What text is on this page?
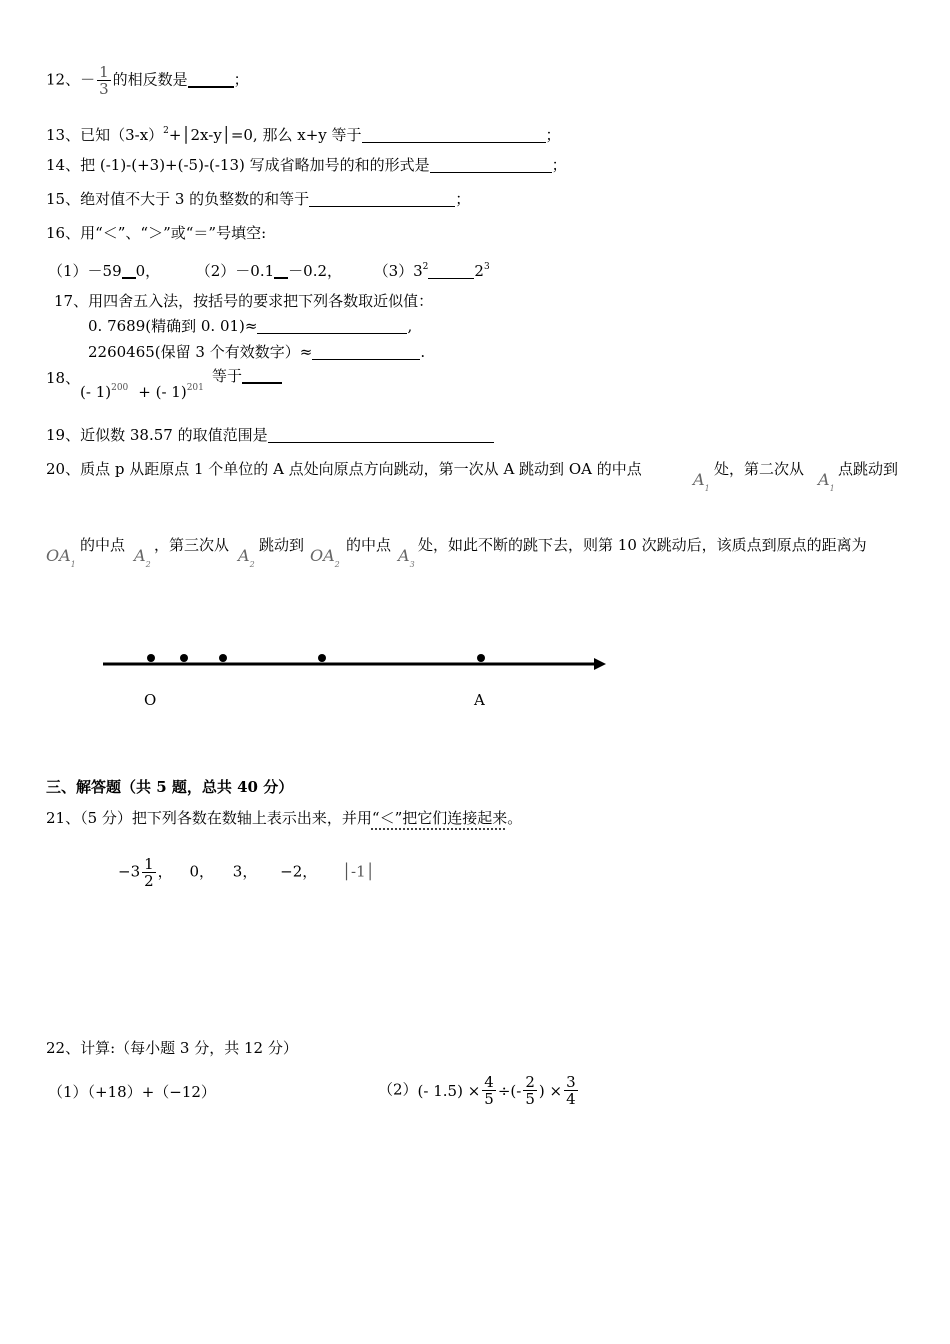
12、－ $\frac{1}{3}$ 的相反数是	；
13、已知$(3-x)^2+│2x-y│=0$, 那么 x+y 等于	；
14、把 (-1)-(+3)+(-5)-(-13) 写成省略加号的和的形式是	；
15、绝对值不大于 3 的负整数的和等于	；
16、用“＜”、“＞”或“＝”号填空:
（1）－59 0， （2）－0.1 －0.2， $(3)3^2$	$2^3$
17、用四舍五入法，按括号的要求把下列各数取近似值：
0. 7689(精确到 0. 01)≈	,
2260465(保留 3 个有效数字）≈	.
18、
(- 1)$^{200}$ + (- 1)$^{201}$
等于
19、近似数 38.57 的取值范围是
20、质点 p 从距原点 1 个单位的 A 点处向原点方向跳动，第一次从 A 跳动到 OA 的中点
$A_1$
处，第二次从
$A_1$
点跳动到
$OA_1$
的中点
$A_2$
，第三次从
$A_2$
跳动到
$OA_2$
的中点
$A_3$
处，如此不断的跳下去，则第 10 次跳动后，该质点到原点的距离为
O	A
三、解答题（共 5 题，总共 40 分）
21、（5 分）把下列各数在数轴上表示出来，并用“＜”把它们连接起来。
$-3 \frac{1}{2}$ ， 0， 3， −2， │-1│
22、计算:（每小题 3 分，共 12 分）
（1）（+18）+（−12）	（2）(- $1.5) \times \frac{4}{5}$ ÷(- $\frac{2}{5}$ ) × $\frac{3}{4}$
